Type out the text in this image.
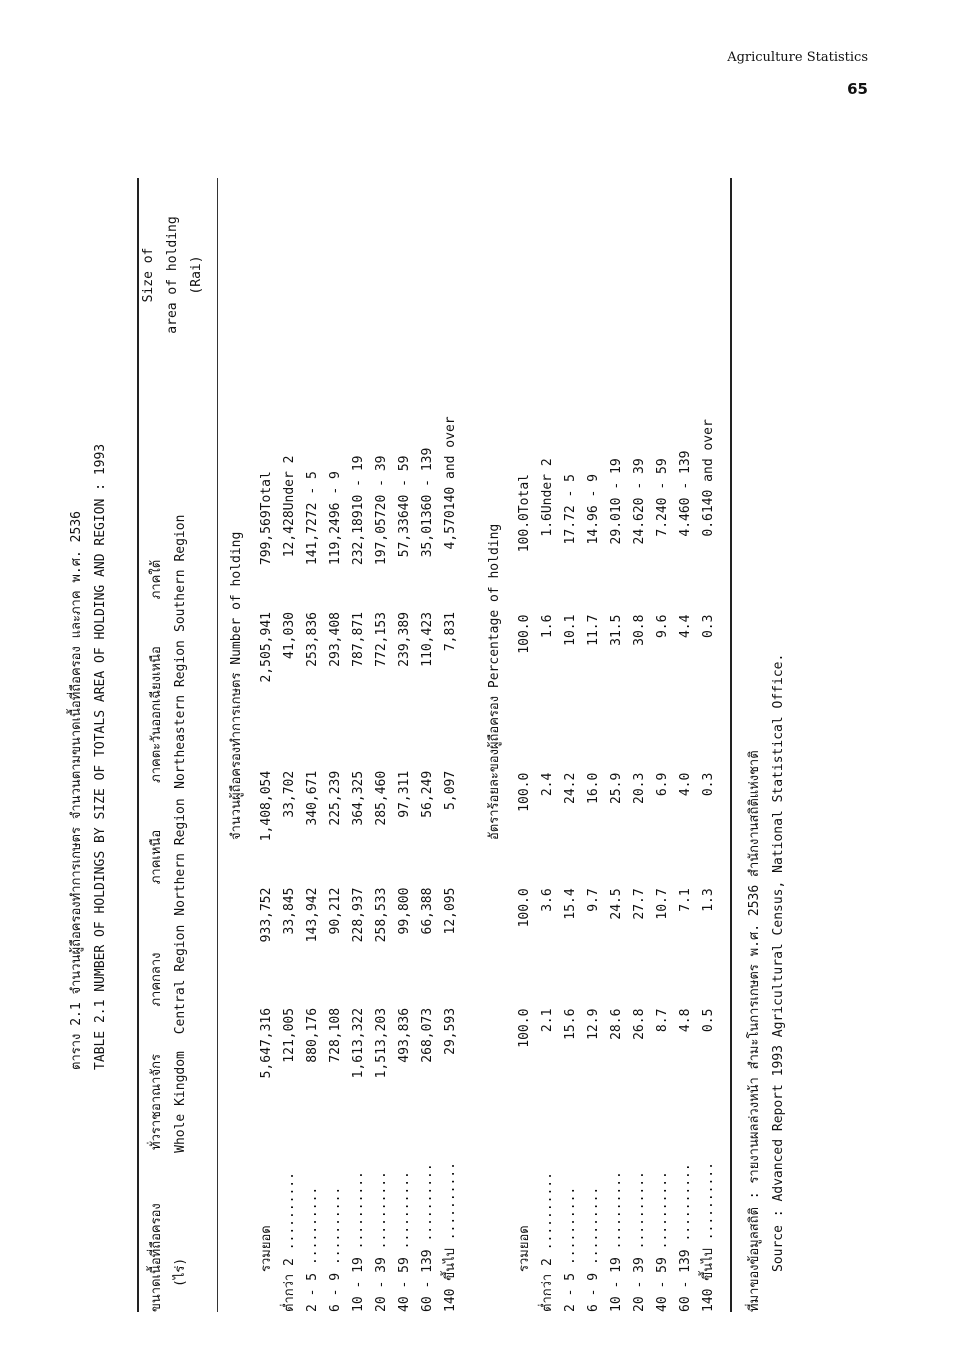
Agriculture Statistics
65
ตาราง 2.1 จำนวนผู้ถือครองทำการเกษตร จำนวนตามขนาดเนื้อที่ถือครอง และภาค พ.ศ. 2536 TABLE 2.1 NUMBER OF HOLDINGS BY SIZE OF TOTALS AREA OF HOLDING AND REGION : 1993
ขนาดเนื้อที่ถือครอง (ไร่)
ทั่วราชอาณาจักร Whole Kingdom
ภาคกลาง Central Region
ภาคเหนือ Northern Region
ภาคตะวันออกเฉียงเหนือ Northeastern Region
ภาคใต้ Southern Region
Size of area of holding (Rai)
จำนวนผู้ถือครองทำการเกษตร Number of holding
รวมยอด	5,647,316	933,752	1,408,054	2,505,941	799,569	Total
ต่ำกว่า 2 ..........	121,005	33,845	33,702	41,030	12,428	Under 2
2 - 5 ..........	880,176	143,942	340,671	253,836	141,727	2 - 5
6 - 9 ..........	728,108	90,212	225,239	293,408	119,249	6 - 9
10 - 19 ..........	1,613,322	228,937	364,325	787,871	232,189	10 - 19
20 - 39 ..........	1,513,203	258,533	285,460	772,153	197,057	20 - 39
40 - 59 ..........	493,836	99,800	97,311	239,389	57,336	40 - 59
60 - 139 ..........	268,073	66,388	56,249	110,423	35,013	60 - 139
140 ขึ้นไป ..........	29,593	12,095	5,097	7,831	4,570	140 and over
อัตราร้อยละของผู้ถือครอง Percentage of holding
รวมยอด	100.0	100.0	100.0	100.0	100.0	Total
ต่ำกว่า 2 ..........	2.1	3.6	2.4	1.6	1.6	Under 2
2 - 5 ..........	15.6	15.4	24.2	10.1	17.7	2 - 5
6 - 9 ..........	12.9	9.7	16.0	11.7	14.9	6 - 9
10 - 19 ..........	28.6	24.5	25.9	31.5	29.0	10 - 19
20 - 39 ..........	26.8	27.7	20.3	30.8	24.6	20 - 39
40 - 59 ..........	8.7	10.7	6.9	9.6	7.2	40 - 59
60 - 139 ..........	4.8	7.1	4.0	4.4	4.4	60 - 139
140 ขึ้นไป ..........	0.5	1.3	0.3	0.3	0.6	140 and over
ที่มาของข้อมูลสถิติ : รายงานผลล่วงหน้า สำมะโนการเกษตร พ.ศ. 2536 สำนักงานสถิติแห่งชาติ Source : Advanced Report 1993 Agricultural Census, National Statistical Office.
